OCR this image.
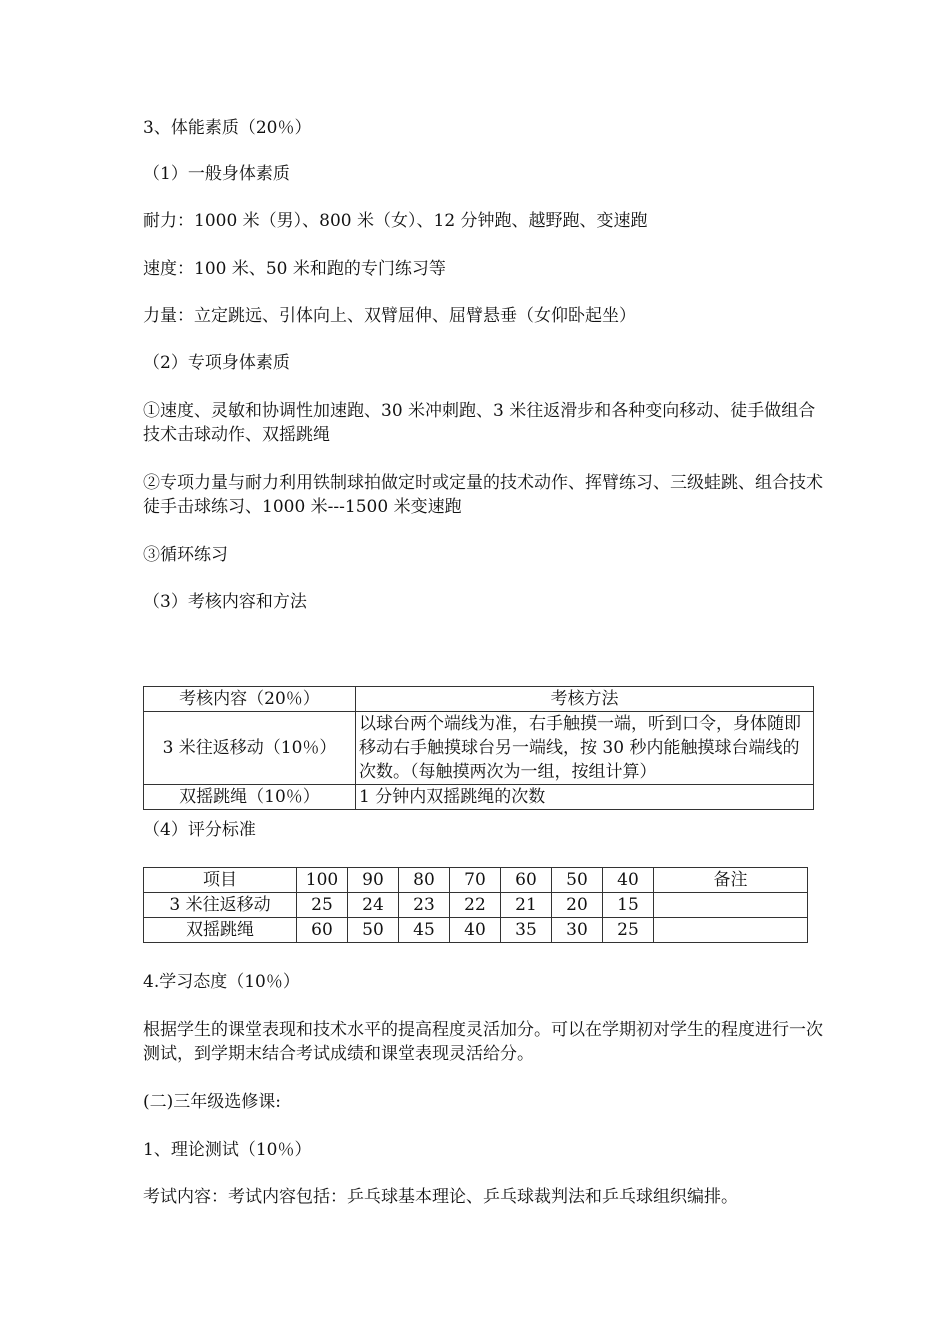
3、体能素质（20％）
（1）一般身体素质
耐力：1000 米（男）、800 米（女）、12 分钟跑、越野跑、变速跑
速度：100 米、50 米和跑的专门练习等
力量：立定跳远、引体向上、双臂屈伸、屈臂悬垂（女仰卧起坐）
（2）专项身体素质
①速度、灵敏和协调性加速跑、30 米冲刺跑、3 米往返滑步和各种变向移动、徒手做组合技术击球动作、双摇跳绳
②专项力量与耐力利用铁制球拍做定时或定量的技术动作、挥臂练习、三级蛙跳、组合技术徒手击球练习、1000 米---1500 米变速跑
③循环练习
（3）考核内容和方法
考核内容（20％）	考核方法
3 米往返移动（10％）	以球台两个端线为准，右手触摸一端，听到口令，身体随即移动右手触摸球台另一端线，按 30 秒内能触摸球台端线的次数。（每触摸两次为一组，按组计算）
双摇跳绳（10％）	1 分钟内双摇跳绳的次数
（4）评分标准
项目	100	90	80	70	60	50	40	备注
3 米往返移动	25	24	23	22	21	20	15	
双摇跳绳	60	50	45	40	35	30	25	
4.学习态度（10％）
根据学生的课堂表现和技术水平的提高程度灵活加分。可以在学期初对学生的程度进行一次测试，到学期末结合考试成绩和课堂表现灵活给分。
(二)三年级选修课:
1、理论测试（10％）
考试内容：考试内容包括：乒乓球基本理论、乒乓球裁判法和乒乓球组织编排。
